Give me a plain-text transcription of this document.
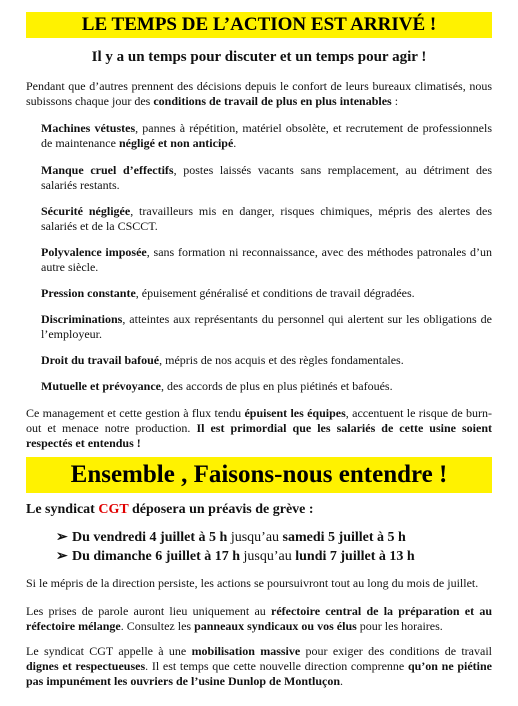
LE TEMPS DE L’ACTION EST ARRIVÉ !
Il y a un temps pour discuter et un temps pour agir !
Pendant que d’autres prennent des décisions depuis le confort de leurs bureaux climatisés, nous subissons chaque jour des conditions de travail de plus en plus intenables :
Machines vétustes, pannes à répétition, matériel obsolète, et recrutement de professionnels de maintenance négligé et non anticipé.
Manque cruel d’effectifs, postes laissés vacants sans remplacement, au détriment des salariés restants.
Sécurité négligée, travailleurs mis en danger, risques chimiques, mépris des alertes des salariés et de la CSCCT.
Polyvalence imposée, sans formation ni reconnaissance, avec des méthodes patronales d’un autre siècle.
Pression constante, épuisement généralisé et conditions de travail dégradées.
Discriminations, atteintes aux représentants du personnel qui alertent sur les obligations de l’employeur.
Droit du travail bafoué, mépris de nos acquis et des règles fondamentales.
Mutuelle et prévoyance, des accords de plus en plus piétinés et bafoués.
Ce management et cette gestion à flux tendu épuisent les équipes, accentuent le risque de burn-out et menace notre production. Il est primordial que les salariés de cette usine soient respectés et entendus !
Ensemble , Faisons-nous entendre !
Le syndicat CGT déposera un préavis de grève :
➢ Du vendredi 4 juillet à 5 h jusqu’au samedi 5 juillet à 5 h
➢ Du dimanche 6 juillet à 17 h jusqu’au lundi 7 juillet à 13 h
Si le mépris de la direction persiste, les actions se poursuivront tout au long du mois de juillet.
Les prises de parole auront lieu uniquement au réfectoire central de la préparation et au réfectoire mélange. Consultez les panneaux syndicaux ou vos élus pour les horaires.
Le syndicat CGT appelle à une mobilisation massive pour exiger des conditions de travail dignes et respectueuses. Il est temps que cette nouvelle direction comprenne qu’on ne piétine pas impunément les ouvriers de l’usine Dunlop de Montluçon.
